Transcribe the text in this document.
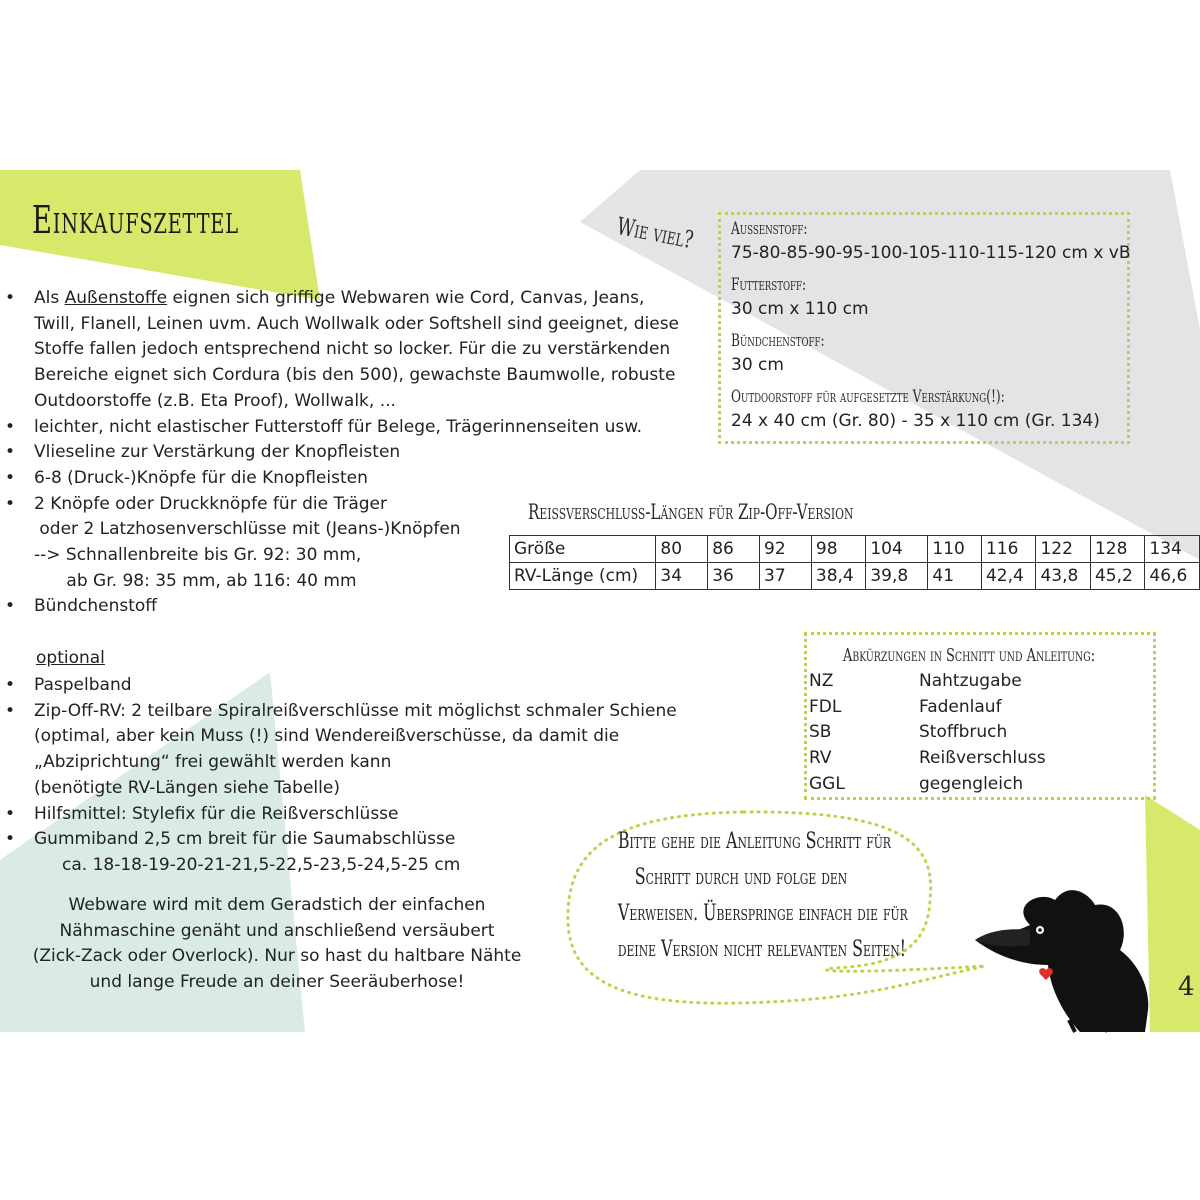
Einkaufszettel
• Als Außenstoffe eignen sich griffige Webwaren wie Cord, Canvas, Jeans,
Twill, Flanell, Leinen uvm. Auch Wollwalk oder Softshell sind geeignet, diese
Stoffe fallen jedoch entsprechend nicht so locker. Für die zu verstärkenden
Bereiche eignet sich Cordura (bis den 500), gewachste Baumwolle, robuste
Outdoorstoffe (z.B. Eta Proof), Wollwalk, ...
• leichter, nicht elastischer Futterstoff für Belege, Trägerinnenseiten usw.
• Vlieseline zur Verstärkung der Knopfleisten
• 6-8 (Druck-)Knöpfe für die Knopfleisten
• 2 Knöpfe oder Druckknöpfe für die Träger
oder 2 Latzhosenverschlüsse mit (Jeans-)Knöpfen
--> Schnallenbreite bis Gr. 92: 30 mm,
ab Gr. 98: 35 mm, ab 116: 40 mm
• Bündchenstoff
optional
• Paspelband
• Zip-Off-RV: 2 teilbare Spiralreißverschlüsse mit möglichst schmaler Schiene
(optimal, aber kein Muss (!) sind Wendereißverschüsse, da damit die
„Abziprichtung“ frei gewählt werden kann
(benötigte RV-Längen siehe Tabelle)
• Hilfsmittel: Stylefix für die Reißverschlüsse
• Gummiband 2,5 cm breit für die Saumabschlüsse
ca. 18-18-19-20-21-21,5-22,5-23,5-24,5-25 cm
Webware wird mit dem Geradstich der einfachen
Nähmaschine genäht und anschließend versäubert
(Zick-Zack oder Overlock). Nur so hast du haltbare Nähte
und lange Freude an deiner Seeräuberhose!
Wie viel? Außenstoff:
75-80-85-90-95-100-105-110-115-120 cm x vB
Futterstoff:
30 cm x 110 cm
Bündchenstoff:
30 cm
Outdoorstoff für aufgesetzte Verstärkung(!):
24 x 40 cm (Gr. 80) - 35 x 110 cm (Gr. 134)
Reißverschluss-Längen für Zip-Off-Version
Größe	80	86	92	98	104	110	116	122	128	134
RV-Länge (cm)	34	36	37	38,4	39,8	41	42,4	43,8	45,2	46,6
Abkürzungen in Schnitt und Anleitung:
NZ	Nahtzugabe
FDL	Fadenlauf
SB	Stoffbruch
RV	Reißverschluss
GGL	gegengleich
Bitte gehe die Anleitung Schritt für
Schritt durch und folge den
Verweisen. Überspringe einfach die für
deine Version nicht relevanten Seiten!
4
